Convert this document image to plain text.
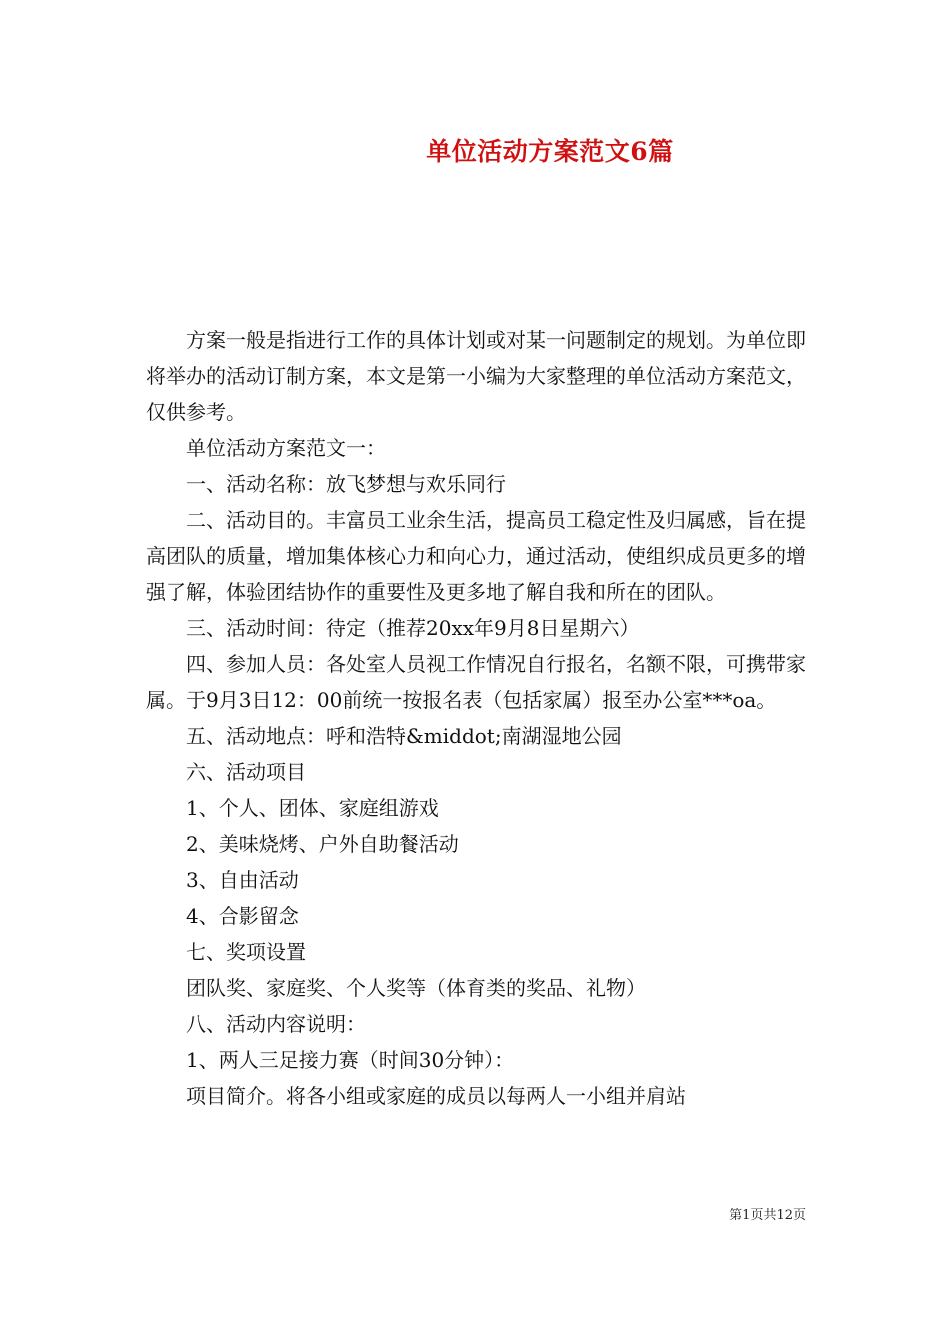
单位活动方案范文6篇

方案一般是指进行工作的具体计划或对某一问题制定的规划。为单位即将举办的活动订制方案，本文是第一小编为大家整理的单位活动方案范文，仅供参考。

单位活动方案范文一：

一、活动名称：放飞梦想与欢乐同行

二、活动目的。丰富员工业余生活，提高员工稳定性及归属感，旨在提高团队的质量，增加集体核心力和向心力，通过活动，使组织成员更多的增强了解，体验团结协作的重要性及更多地了解自我和所在的团队。

三、活动时间：待定（推荐20xx年9月8日星期六）

四、参加人员：各处室人员视工作情况自行报名，名额不限，可携带家属。于9月3日12：00前统一按报名表（包括家属）报至办公室***oa。

五、活动地点：呼和浩特&middot;南湖湿地公园

六、活动项目

1、个人、团体、家庭组游戏

2、美味烧烤、户外自助餐活动

3、自由活动

4、合影留念

七、奖项设置

团队奖、家庭奖、个人奖等（体育类的奖品、礼物）

八、活动内容说明：

1、两人三足接力赛（时间30分钟）：

项目简介。将各小组或家庭的成员以每两人一小组并肩站

第1页共12页
